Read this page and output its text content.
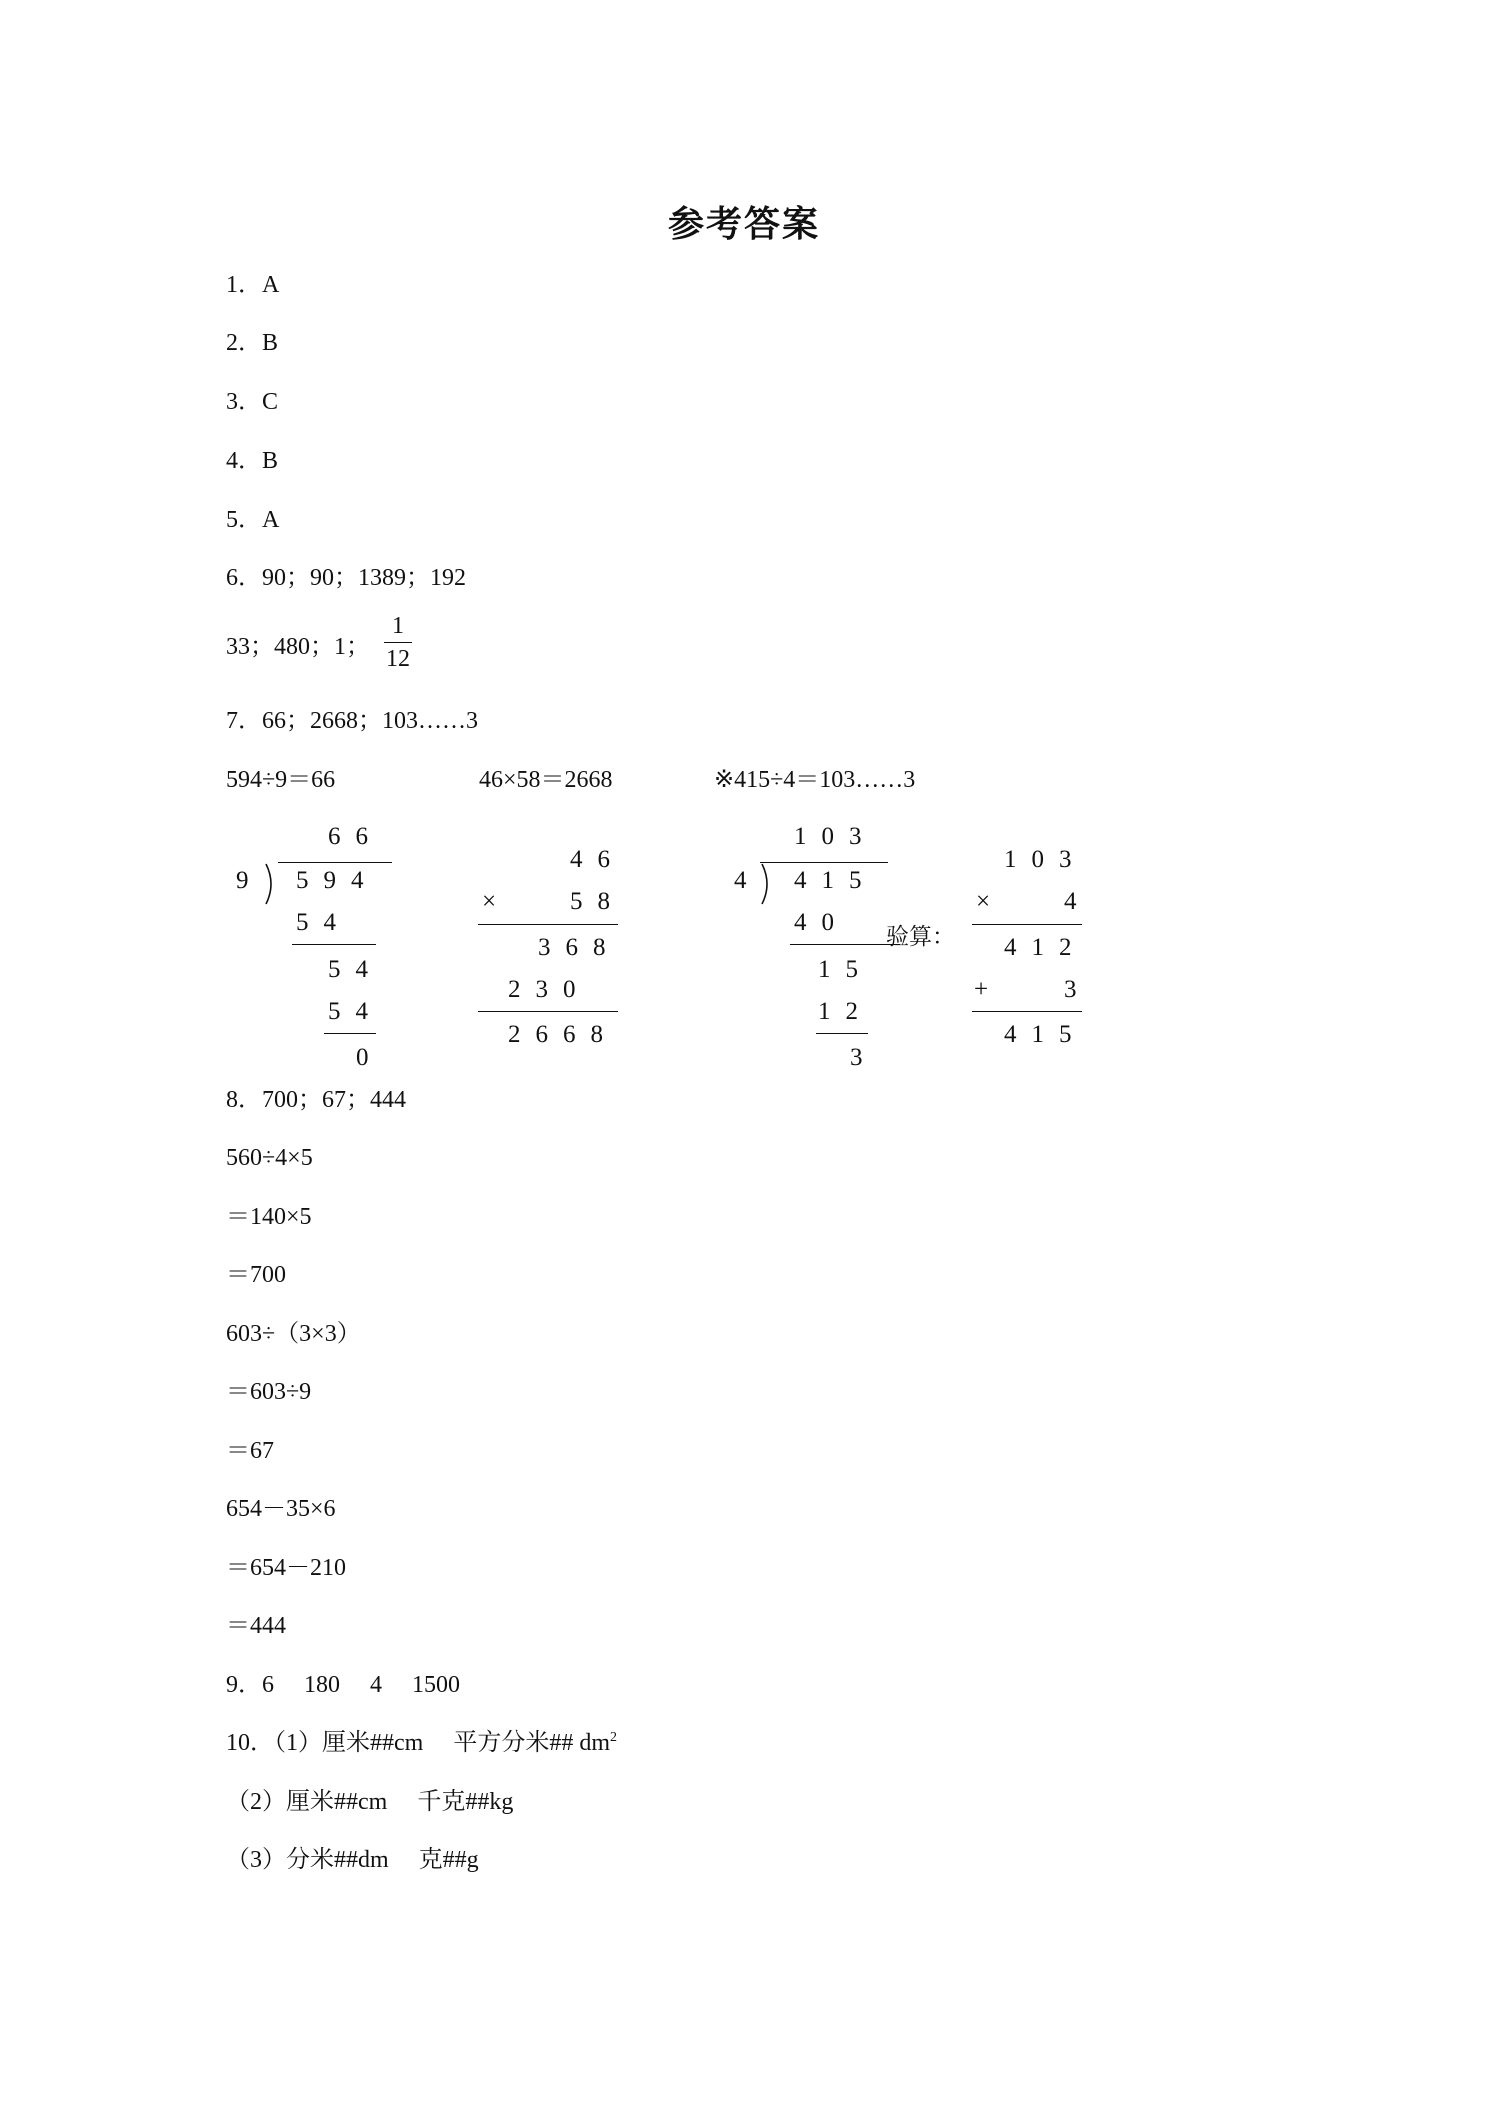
参考答案
1．A
2．B
3．C
4．B
5．A
6．90；90；1389；192
33；480；1；
1
12
7．66；2668；103……3
594÷9＝66	46×58＝2668	※415÷4＝103……3
66
9 594
54
54
54
0
46
× 58
368
230
2668
103
4 415
40
15
12
3
验算：
103
× 4
412
+ 3
415
8．700；67；444
560÷4×5
＝140×5
＝700
603÷（3×3）
＝603÷9
＝67
654－35×6
＝654－210
＝444
9．6　 180　 4　 1500
10．（1）厘米##cm　 平方分米## $dm^2$
（2）厘米##cm　 千克##kg
（3）分米##dm　 克##g
